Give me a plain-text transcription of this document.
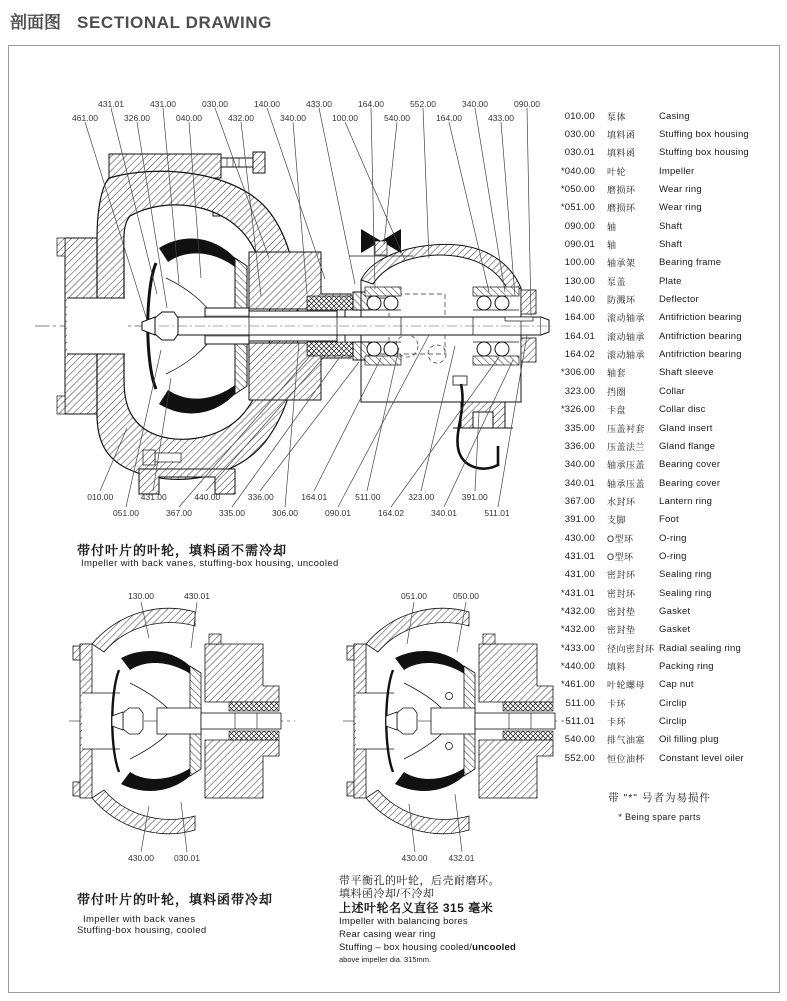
剖面图 SECTIONAL DRAWING
431.01	431.00	030.00	140.00	433.00	164.00	552.00	340.00	090.00
461.00	326.00	040.00	432.00	340.00	100.00	540.00	164.00	433.00
010.00	431.00	440.00	336.00	164.01	511.00	323.00	391.00
051.00	367.00	335.00	306.00	090.01	164.02	340.01	511.01
130.00	430.01
430.00	030.01
051.00	050.00
430.00	432.01
带付叶片的叶轮，填料函不需冷却
Impeller with back vanes, stuffing-box housing, uncooled
带付叶片的叶轮，填料函带冷却
Impeller with back vanes
Stuffing-box housing, cooled
带平衡孔的叶轮，后壳耐磨环。
填料函冷却/不冷却
上述叶轮名义直径 315 毫米
Impeller with balancing bores
Rear casing wear ring
Stuffing – box housing cooled/uncooled
above impeller dia. 315mm.
010.00 泵体	Casing
030.00 填料函	Stuffing box housing
030.01 填料函	Stuffing box housing
*040.00 叶轮	Impeller
*050.00 磨损环	Wear ring
*051.00 磨损环	Wear ring
090.00 轴	Shaft
090.01 轴	Shaft
100.00 轴承架	Bearing frame
130.00 泵盖	Plate
140.00 防溅环	Deflector
164.00 滚动轴承	Antifriction bearing
164.01 滚动轴承	Antifriction bearing
164.02 滚动轴承	Antifriction bearing
*306.00 轴套	Shaft sleeve
323.00 挡圈	Collar
*326.00 卡盘	Collar disc
335.00 压盖衬套	Gland insert
336.00 压盖法兰	Gland flange
340.00 轴承压盖	Bearing cover
340.01 轴承压盖	Bearing cover
367.00 水封环	Lantern ring
391.00 支脚	Foot
430.00 O型环	O-ring
431.01 O型环	O-ring
431.00 密封环	Sealing ring
*431.01 密封环	Sealing ring
*432.00 密封垫	Gasket
*432.00 密封垫	Gasket
*433.00 径向密封环 Radial sealing ring
*440.00 填料	Packing ring
*461.00 叶轮螺母	Cap nut
511.00 卡环	Circlip
511.01 卡环	Circlip
540.00 排气油塞	Oil filling plug
552.00 恒位油杯	Constant level oiler
带 "*" 号者为易损件
* Being spare parts
